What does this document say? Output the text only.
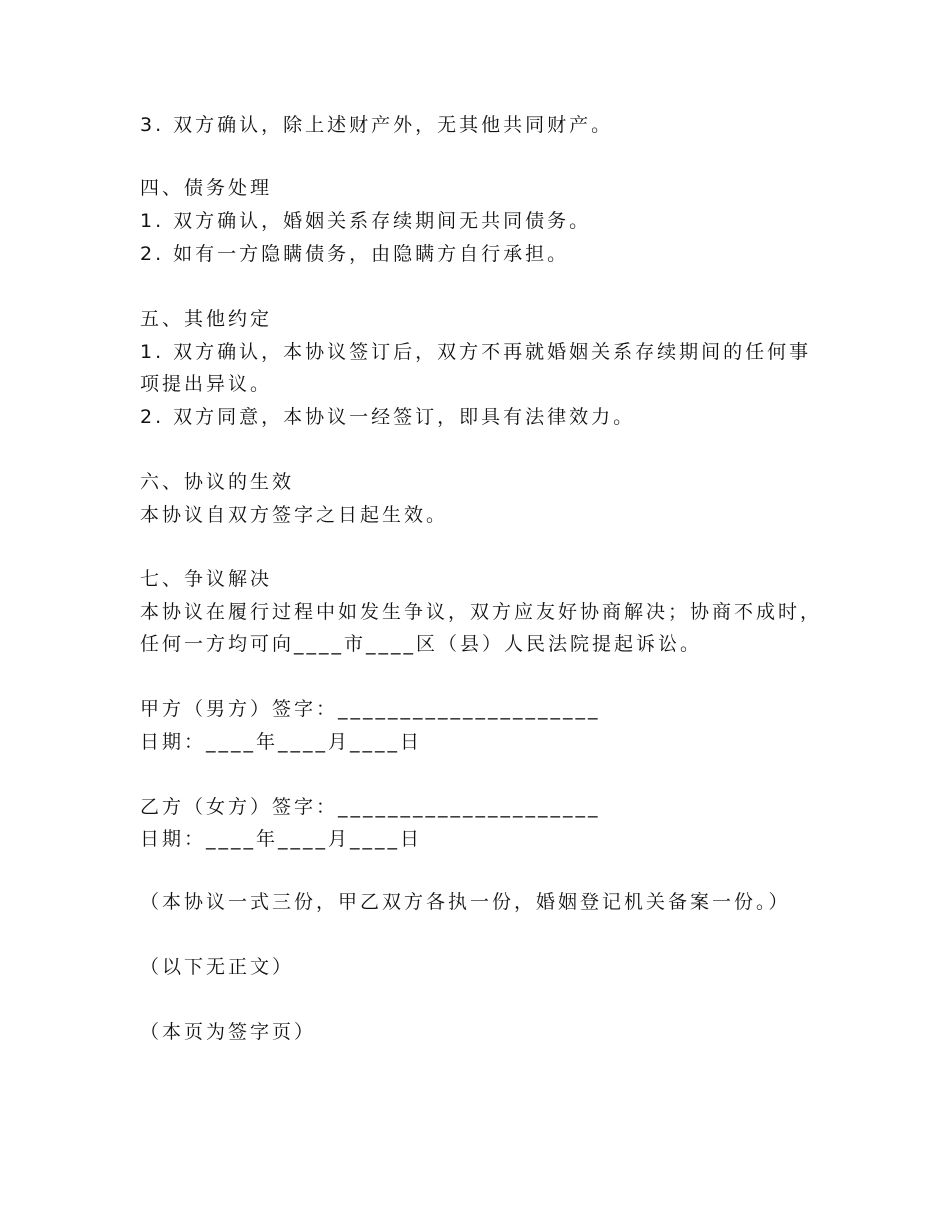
3. 双方确认，除上述财产外，无其他共同财产。
四、债务处理
1. 双方确认，婚姻关系存续期间无共同债务。
2. 如有一方隐瞒债务，由隐瞒方自行承担。
五、其他约定
1. 双方确认，本协议签订后，双方不再就婚姻关系存续期间的任何事
项提出异议。
2. 双方同意，本协议一经签订，即具有法律效力。
六、协议的生效
本协议自双方签字之日起生效。
七、争议解决
本协议在履行过程中如发生争议，双方应友好协商解决；协商不成时，
任何一方均可向____市____区（县）人民法院提起诉讼。
甲方（男方）签字：_____________________
日期：____年____月____日
乙方（女方）签字：_____________________
日期：____年____月____日
（本协议一式三份，甲乙双方各执一份，婚姻登记机关备案一份。）
（以下无正文）
（本页为签字页）
